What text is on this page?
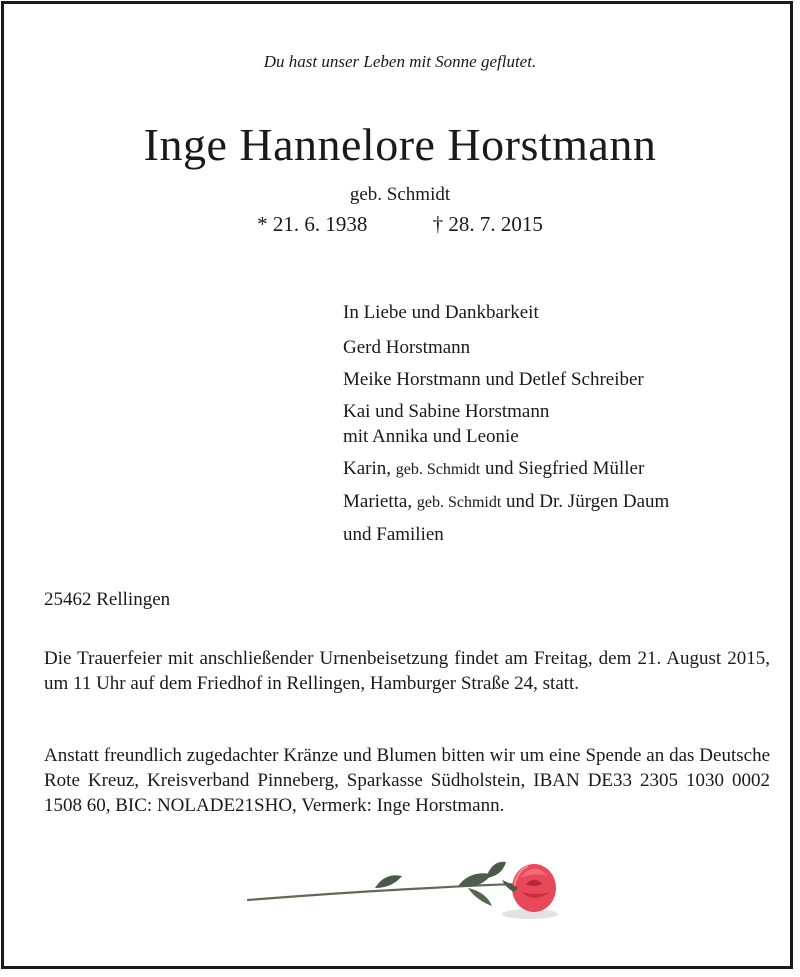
Du hast unser Leben mit Sonne geflutet.
Inge Hannelore Horstmann
geb. Schmidt
* 21. 6. 1938	† 28. 7. 2015
In Liebe und Dankbarkeit
Gerd Horstmann
Meike Horstmann und Detlef Schreiber
Kai und Sabine Horstmann
mit Annika und Leonie
Karin, geb. Schmidt und Siegfried Müller
Marietta, geb. Schmidt und Dr. Jürgen Daum
und Familien
25462 Rellingen
Die Trauerfeier mit anschließender Urnenbeisetzung findet am Freitag, dem 21. August 2015, um 11 Uhr auf dem Friedhof in Rellingen, Hamburger Straße 24, statt.
Anstatt freundlich zugedachter Kränze und Blumen bitten wir um eine Spende an das Deutsche Rote Kreuz, Kreisverband Pinneberg, Sparkasse Südholstein, IBAN DE33 2305 1030 0002 1508 60, BIC: NOLADE21SHO, Vermerk: Inge Horstmann.
